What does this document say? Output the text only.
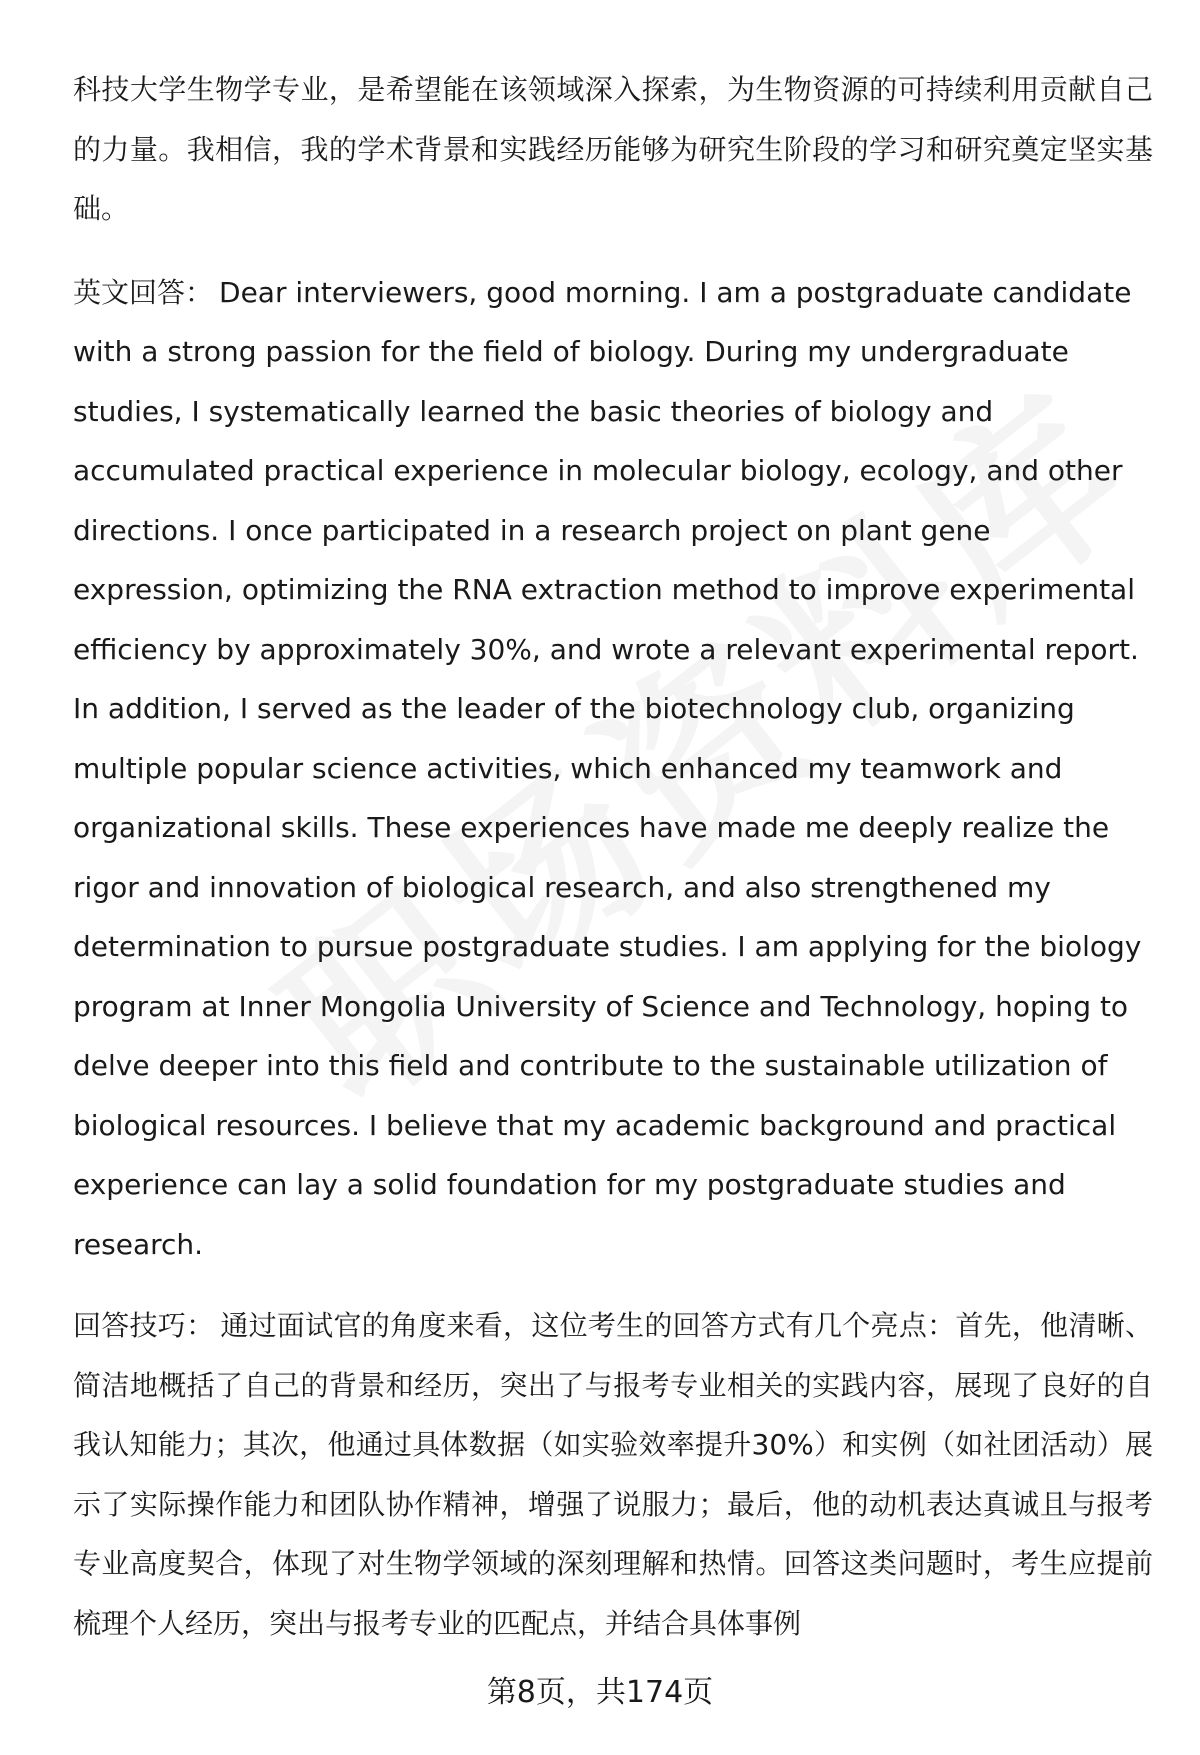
科技大学生物学专业，是希望能在该领域深入探索，为生物资源的可持续利用贡献自己的力量。我相信，我的学术背景和实践经历能够为研究生阶段的学习和研究奠定坚实基础。

英文回答： Dear interviewers, good morning. I am a postgraduate candidate with a strong passion for the field of biology. During my undergraduate studies, I systematically learned the basic theories of biology and accumulated practical experience in molecular biology, ecology, and other directions. I once participated in a research project on plant gene expression, optimizing the RNA extraction method to improve experimental efficiency by approximately 30%, and wrote a relevant experimental report. In addition, I served as the leader of the biotechnology club, organizing multiple popular science activities, which enhanced my teamwork and organizational skills. These experiences have made me deeply realize the rigor and innovation of biological research, and also strengthened my determination to pursue postgraduate studies. I am applying for the biology program at Inner Mongolia University of Science and Technology, hoping to delve deeper into this field and contribute to the sustainable utilization of biological resources. I believe that my academic background and practical experience can lay a solid foundation for my postgraduate studies and research.

回答技巧： 通过面试官的角度来看，这位考生的回答方式有几个亮点：首先，他清晰、简洁地概括了自己的背景和经历，突出了与报考专业相关的实践内容，展现了良好的自我认知能力；其次，他通过具体数据（如实验效率提升30%）和实例（如社团活动）展示了实际操作能力和团队协作精神，增强了说服力；最后，他的动机表达真诚且与报考专业高度契合，体现了对生物学领域的深刻理解和热情。回答这类问题时，考生应提前梳理个人经历，突出与报考专业的匹配点，并结合具体事例

第8页，共174页
